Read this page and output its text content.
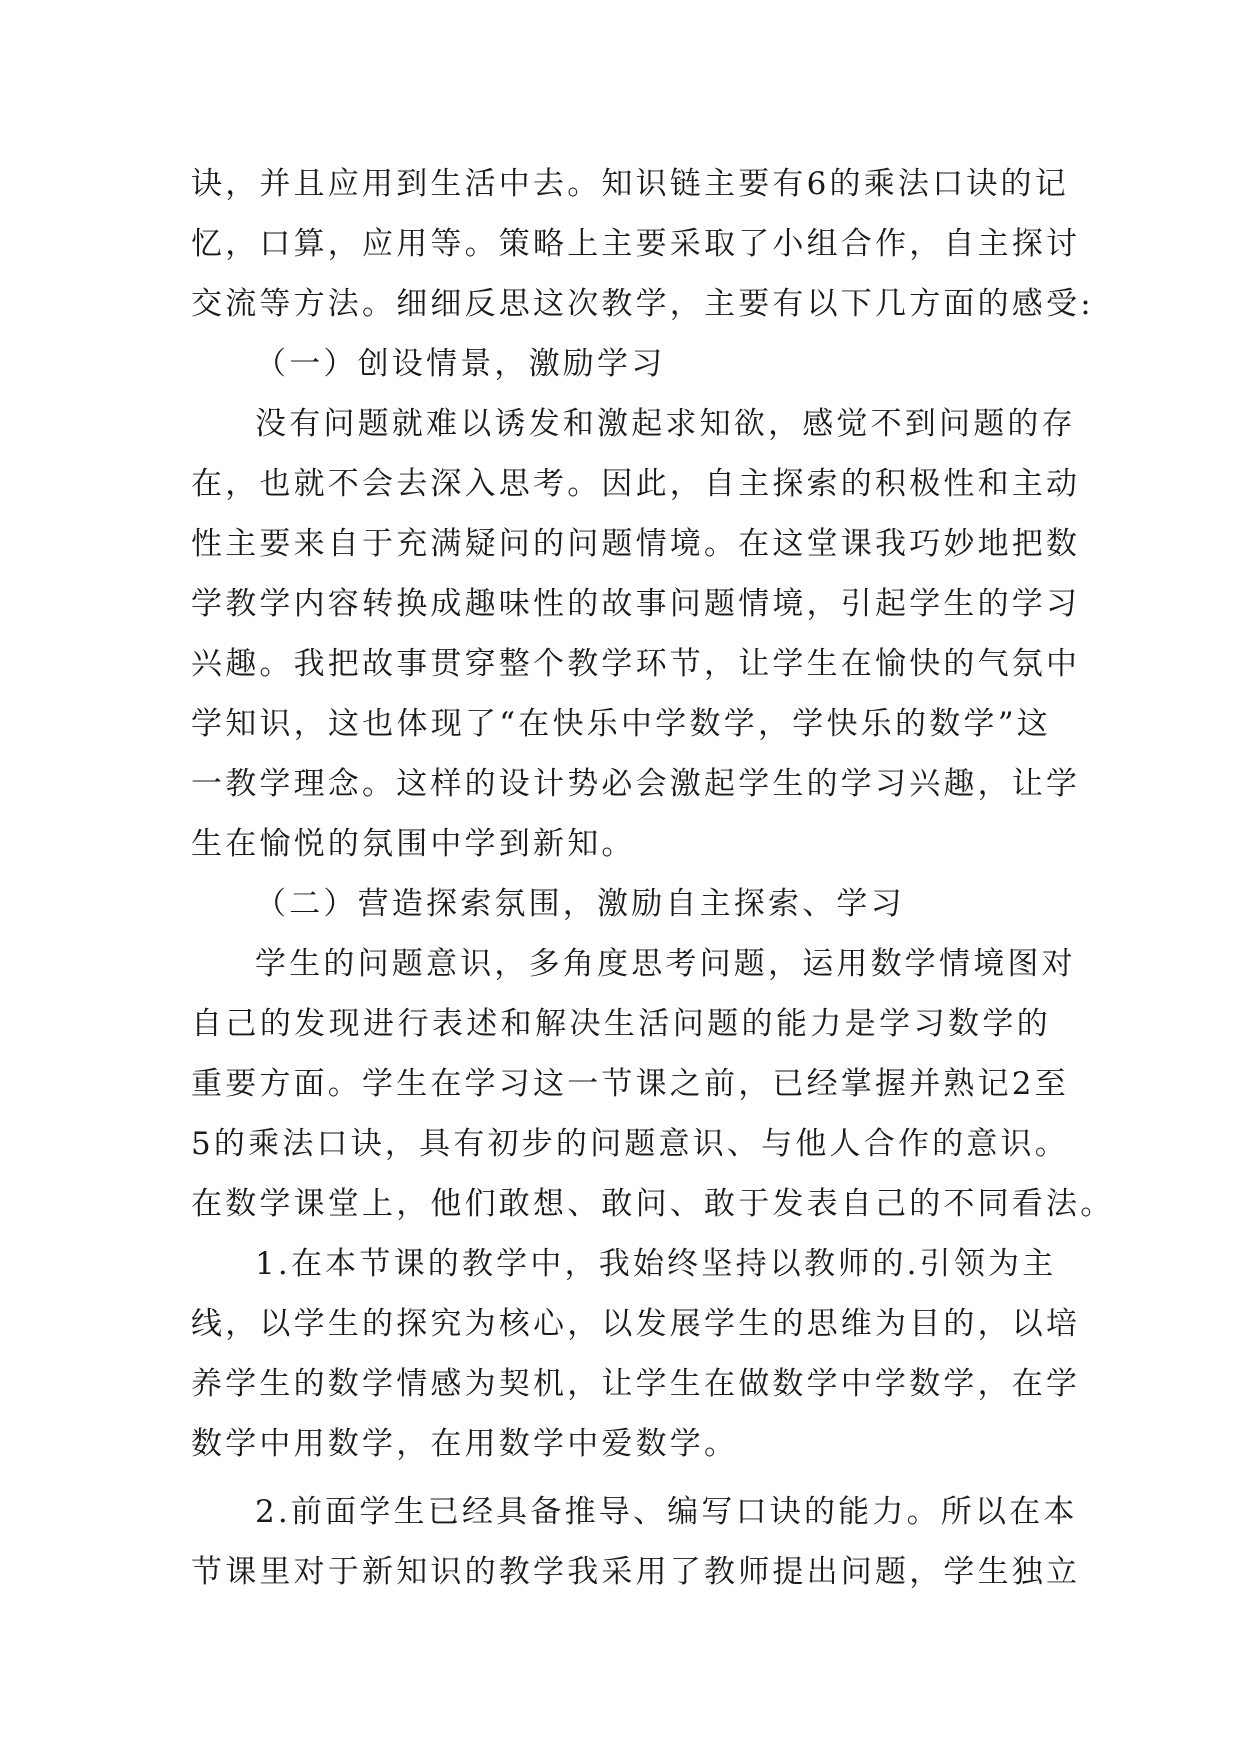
诀，并且应用到生活中去。知识链主要有6的乘法口诀的记
忆，口算，应用等。策略上主要采取了小组合作，自主探讨
交流等方法。细细反思这次教学，主要有以下几方面的感受:

（一）创设情景，激励学习

没有问题就难以诱发和激起求知欲，感觉不到问题的存
在，也就不会去深入思考。因此，自主探索的积极性和主动
性主要来自于充满疑问的问题情境。在这堂课我巧妙地把数
学教学内容转换成趣味性的故事问题情境，引起学生的学习
兴趣。我把故事贯穿整个教学环节，让学生在愉快的气氛中
学知识，这也体现了“在快乐中学数学，学快乐的数学”这
一教学理念。这样的设计势必会激起学生的学习兴趣，让学
生在愉悦的氛围中学到新知。

（二）营造探索氛围，激励自主探索、学习

学生的问题意识，多角度思考问题，运用数学情境图对
自己的发现进行表述和解决生活问题的能力是学习数学的
重要方面。学生在学习这一节课之前，已经掌握并熟记2至
5的乘法口诀，具有初步的问题意识、与他人合作的意识。
在数学课堂上，他们敢想、敢问、敢于发表自己的不同看法。

1.在本节课的教学中，我始终坚持以教师的.引领为主
线，以学生的探究为核心，以发展学生的思维为目的，以培
养学生的数学情感为契机，让学生在做数学中学数学，在学
数学中用数学，在用数学中爱数学。

2.前面学生已经具备推导、编写口诀的能力。所以在本
节课里对于新知识的教学我采用了教师提出问题，学生独立
